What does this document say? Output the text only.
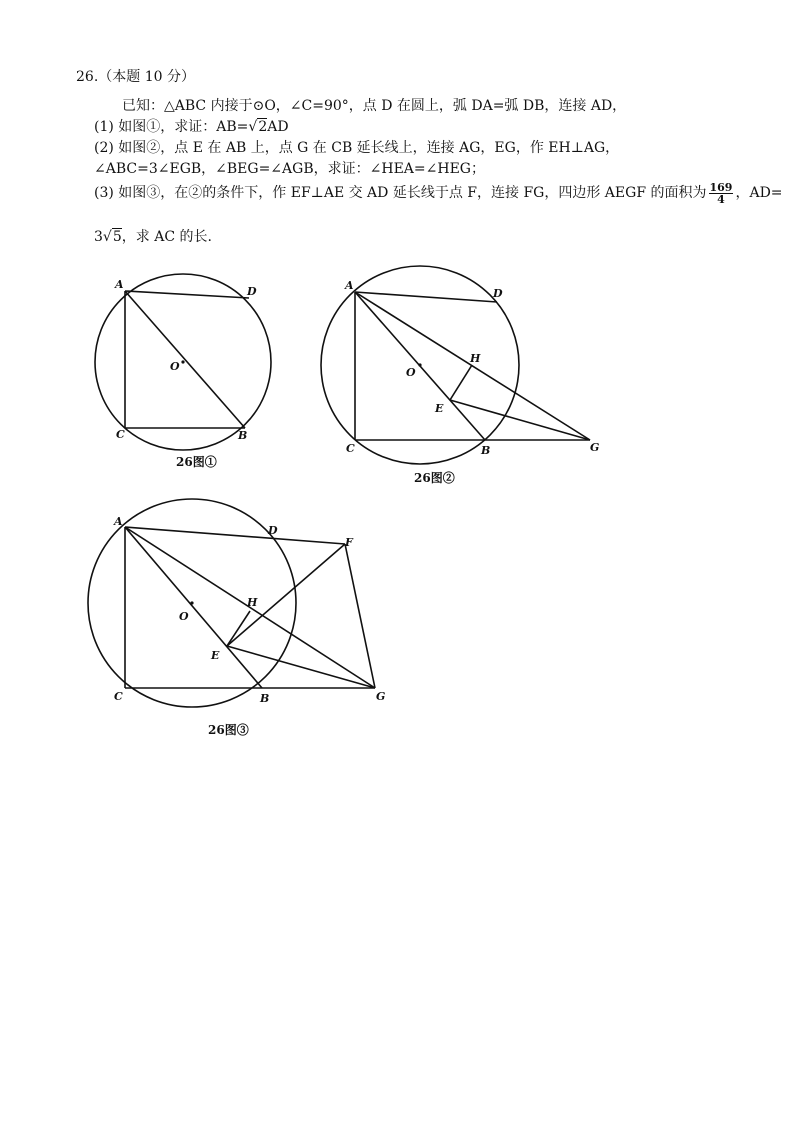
26.（本题 10 分）
已知：△ABC 内接于⊙O，∠C=90°，点 D 在圆上，弧 DA=弧 DB，连接 AD，
(1) 如图①，求证：AB=√2AD
(2) 如图②，点 E 在 AB 上，点 G 在 CB 延长线上，连接 AG，EG，作 EH⊥AG，
∠ABC=3∠EGB，∠BEG=∠AGB，求证：∠HEA=∠HEG；
(3) 如图③，在②的条件下，作 EF⊥AE 交 AD 延长线于点 F，连接 FG，四边形 AEGF 的面积为 $\frac{169}{4}$ ，AD=
3√5，求 AC 的长.
A
D
O
C	B
26图①
A
D
H
O
E
C	B	G
26图②
A
D
F
H
O
E
C	B	G
26图③
